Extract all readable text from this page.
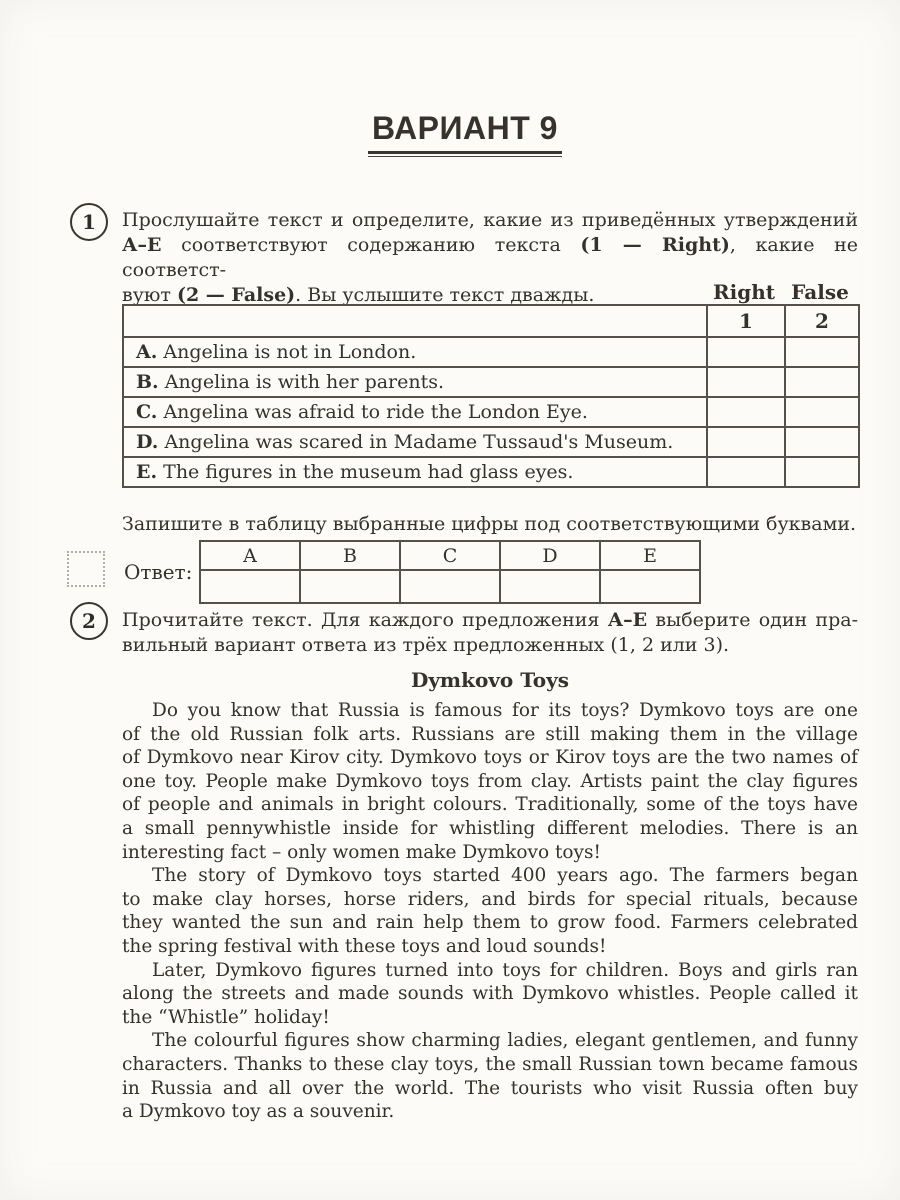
ВАРИАНТ 9
1	Прослушайте текст и определите, какие из приведённых утверждений
А–Е соответствуют содержанию текста (1 — Right), какие не соответст-
вуют (2 — False). Вы услышите текст дважды.	Right False
	1	2
A. Angelina is not in London.		
B. Angelina is with her parents.		
C. Angelina was afraid to ride the London Eye.		
D. Angelina was scared in Madame Tussaud's Museum.		
E. The figures in the museum had glass eyes.		
Запишите в таблицу выбранные цифры под соответствующими буквами.
Ответ:
A	B	C	D	E

2	Прочитайте текст. Для каждого предложения А–Е выберите один пра-
вильный вариант ответа из трёх предложенных (1, 2 или 3).
Dymkovo Toys
Do you know that Russia is famous for its toys? Dymkovo toys are one
of the old Russian folk arts. Russians are still making them in the village
of Dymkovo near Kirov city. Dymkovo toys or Kirov toys are the two names of
one toy. People make Dymkovo toys from clay. Artists paint the clay figures
of people and animals in bright colours. Traditionally, some of the toys have
a small pennywhistle inside for whistling different melodies. There is an
interesting fact – only women make Dymkovo toys!
The story of Dymkovo toys started 400 years ago. The farmers began
to make clay horses, horse riders, and birds for special rituals, because
they wanted the sun and rain help them to grow food. Farmers celebrated
the spring festival with these toys and loud sounds!
Later, Dymkovo figures turned into toys for children. Boys and girls ran
along the streets and made sounds with Dymkovo whistles. People called it
the “Whistle” holiday!
The colourful figures show charming ladies, elegant gentlemen, and funny
characters. Thanks to these clay toys, the small Russian town became famous
in Russia and all over the world. The tourists who visit Russia often buy
a Dymkovo toy as a souvenir.
